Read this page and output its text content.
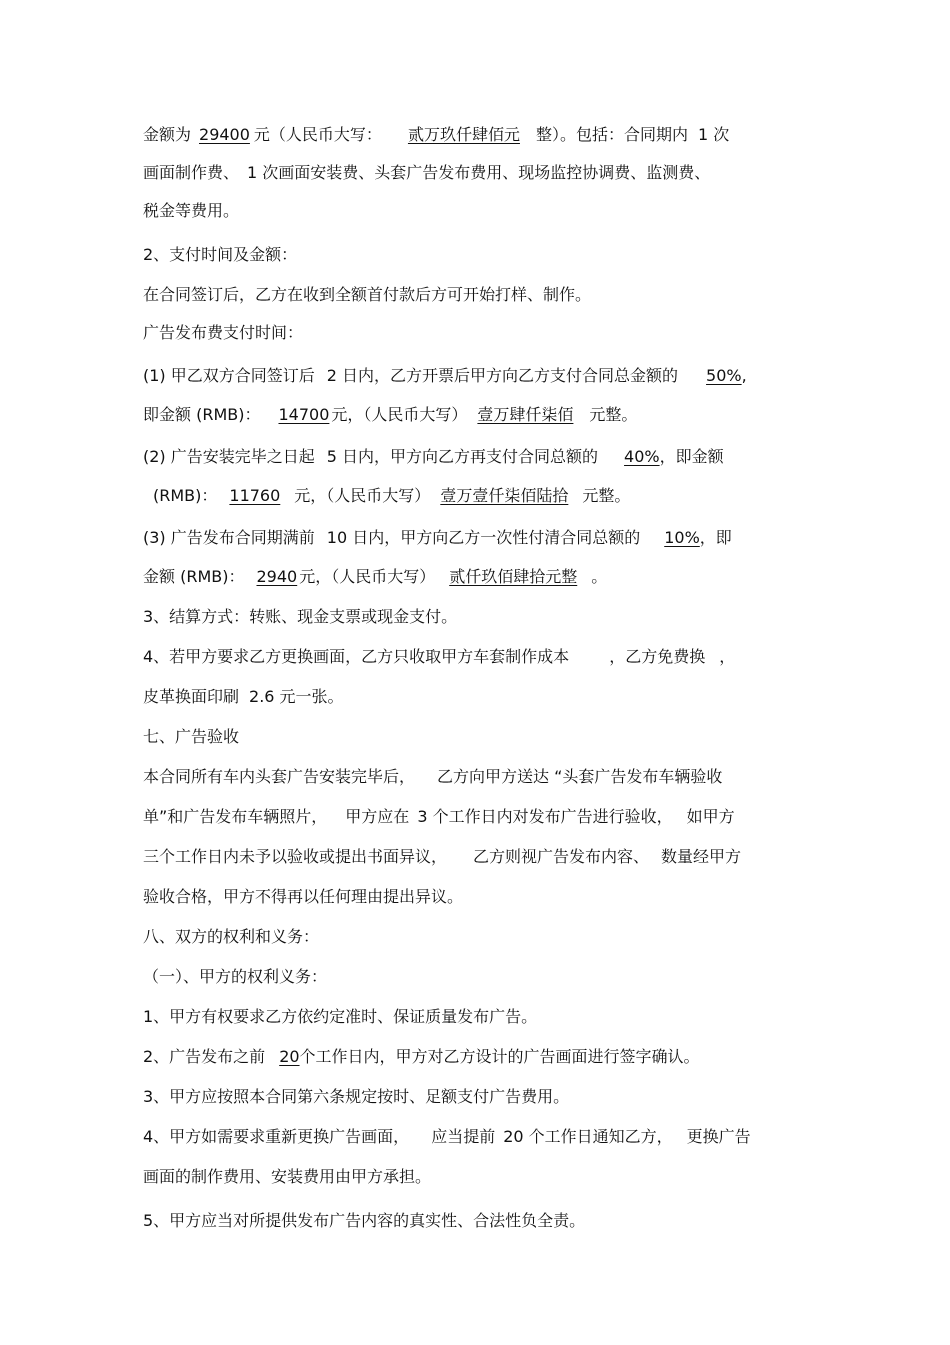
金额为 29400 元（人民币大写： 贰万玖仟肆佰元 整）。包括：合同期内 1 次
画面制作费、 1 次画面安装费、头套广告发布费用、现场监控协调费、监测费、
税金等费用。
2、支付时间及金额：
在合同签订后，乙方在收到全额首付款后方可开始打样、制作。
广告发布费支付时间：
(1) 甲乙双方合同签订后 2 日内，乙方开票后甲方向乙方支付合同总金额的 50%,
即金额 (RMB)： 14700 元，（人民币大写） 壹万肆仟柒佰 元整。
(2) 广告安装完毕之日起 5 日内，甲方向乙方再支付合同总额的 40%，即金额
(RMB)： 11760 元，（人民币大写） 壹万壹仟柒佰陆拾 元整。
(3) 广告发布合同期满前 10 日内，甲方向乙方一次性付清合同总额的 10%，即
金额 (RMB)： 2940 元，（人民币大写） 贰仟玖佰肆拾元整 。
3、结算方式：转账、现金支票或现金支付。
4、若甲方要求乙方更换画面，乙方只收取甲方车套制作成本	，乙方免费换 ，
皮革换面印刷 2.6 元一张。
七、广告验收
本合同所有车内头套广告安装完毕后， 乙方向甲方送达 “头套广告发布车辆验收
单”和广告发布车辆照片， 甲方应在 3 个工作日内对发布广告进行验收， 如甲方
三个工作日内未予以验收或提出书面异议， 乙方则视广告发布内容、 数量经甲方
验收合格，甲方不得再以任何理由提出异议。
八、双方的权利和义务：
（一）、甲方的权利义务：
1、甲方有权要求乙方依约定准时、保证质量发布广告。
2、广告发布之前 20个工作日内，甲方对乙方设计的广告画面进行签字确认。
3、甲方应按照本合同第六条规定按时、足额支付广告费用。
4、甲方如需要求重新更换广告画面， 应当提前 20 个工作日通知乙方， 更换广告
画面的制作费用、安装费用由甲方承担。
5、甲方应当对所提供发布广告内容的真实性、合法性负全责。
